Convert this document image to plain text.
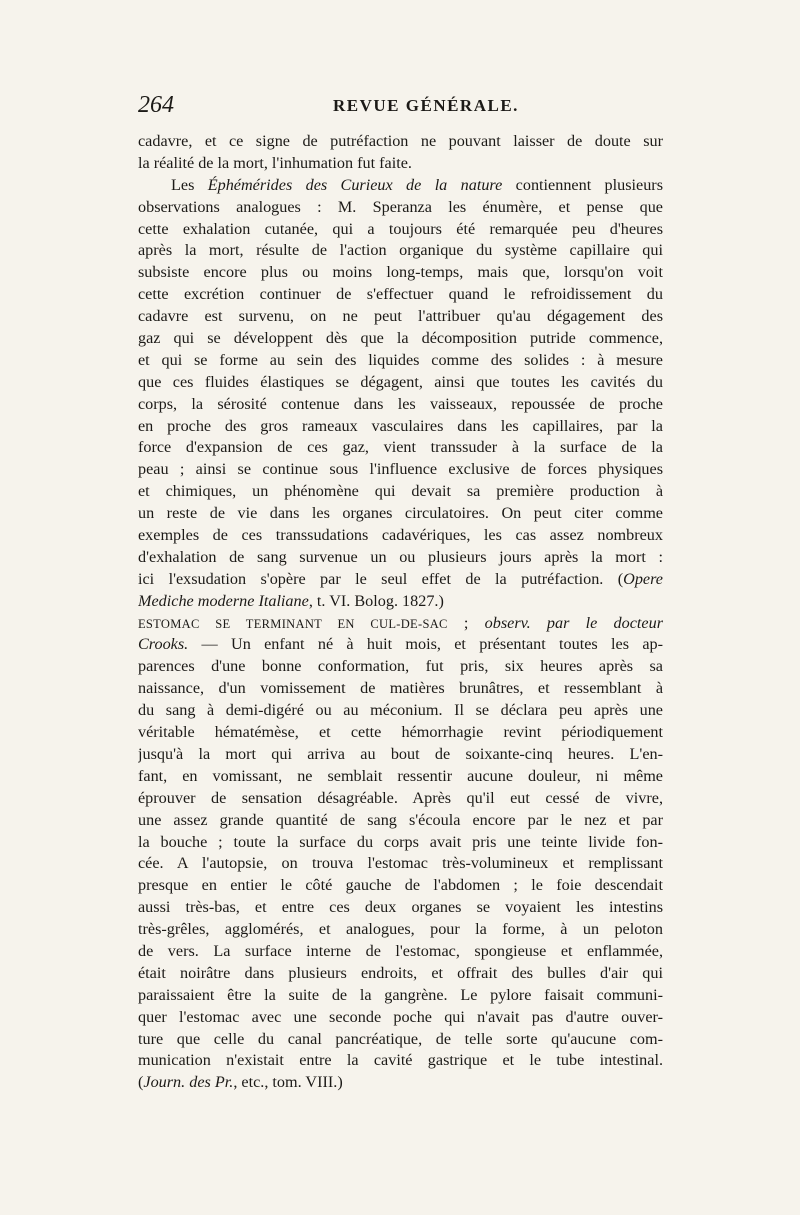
264	REVUE GÉNÉRALE.
cadavre, et ce signe de putréfaction ne pouvant laisser de doute sur
la réalité de la mort, l'inhumation fut faite.
Les Éphémérides des Curieux de la nature contiennent plusieurs
observations analogues : M. Speranza les énumère, et pense que
cette exhalation cutanée, qui a toujours été remarquée peu d'heures
après la mort, résulte de l'action organique du système capillaire qui
subsiste encore plus ou moins long-temps, mais que, lorsqu'on voit
cette excrétion continuer de s'effectuer quand le refroidissement du
cadavre est survenu, on ne peut l'attribuer qu'au dégagement des
gaz qui se développent dès que la décomposition putride commence,
et qui se forme au sein des liquides comme des solides : à mesure
que ces fluides élastiques se dégagent, ainsi que toutes les cavités du
corps, la sérosité contenue dans les vaisseaux, repoussée de proche
en proche des gros rameaux vasculaires dans les capillaires, par la
force d'expansion de ces gaz, vient transsuder à la surface de la
peau ; ainsi se continue sous l'influence exclusive de forces physiques
et chimiques, un phénomène qui devait sa première production à
un reste de vie dans les organes circulatoires. On peut citer comme
exemples de ces transsudations cadavériques, les cas assez nombreux
d'exhalation de sang survenue un ou plusieurs jours après la mort :
ici l'exsudation s'opère par le seul effet de la putréfaction. (Opere
Mediche moderne Italiane, t. VI. Bolog. 1827.)
ESTOMAC SE TERMINANT EN CUL-DE-SAC ; observ. par le docteur
Crooks. — Un enfant né à huit mois, et présentant toutes les ap-
parences d'une bonne conformation, fut pris, six heures après sa
naissance, d'un vomissement de matières brunâtres, et ressemblant à
du sang à demi-digéré ou au méconium. Il se déclara peu après une
véritable hématémèse, et cette hémorrhagie revint périodiquement
jusqu'à la mort qui arriva au bout de soixante-cinq heures. L'en-
fant, en vomissant, ne semblait ressentir aucune douleur, ni même
éprouver de sensation désagréable. Après qu'il eut cessé de vivre,
une assez grande quantité de sang s'écoula encore par le nez et par
la bouche ; toute la surface du corps avait pris une teinte livide fon-
cée. A l'autopsie, on trouva l'estomac très-volumineux et remplissant
presque en entier le côté gauche de l'abdomen ; le foie descendait
aussi très-bas, et entre ces deux organes se voyaient les intestins
très-grêles, agglomérés, et analogues, pour la forme, à un peloton
de vers. La surface interne de l'estomac, spongieuse et enflammée,
était noirâtre dans plusieurs endroits, et offrait des bulles d'air qui
paraissaient être la suite de la gangrène. Le pylore faisait communi-
quer l'estomac avec une seconde poche qui n'avait pas d'autre ouver-
ture que celle du canal pancréatique, de telle sorte qu'aucune com-
munication n'existait entre la cavité gastrique et le tube intestinal.
(Journ. des Pr., etc., tom. VIII.)
